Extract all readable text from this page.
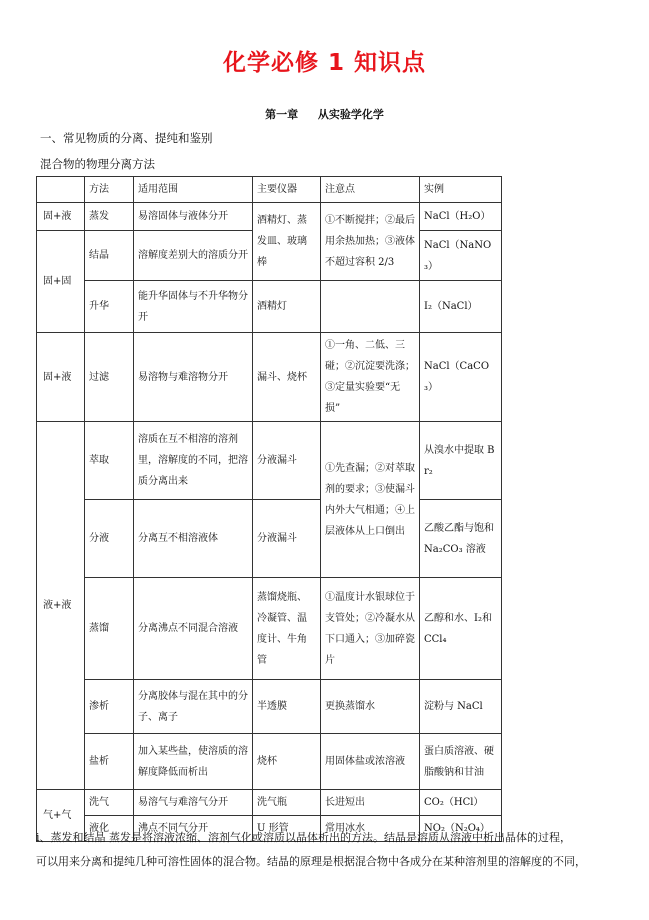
化学必修 1 知识点
第一章 从实验学化学
一、常见物质的分离、提纯和鉴别
混合物的物理分离方法
	方法	适用范围	主要仪器	注意点	实例
固+液	蒸发	易溶固体与液体分开	酒精灯、蒸发皿、玻璃棒	①不断搅拌；②最后用余热加热；③液体不超过容积 2/3	NaCl（H₂O）
固+固	结晶	溶解度差别大的溶质分开			NaCl（NaNO₃）
	升华	能升华固体与不升华物分开	酒精灯		I₂（NaCl）
固+液	过滤	易溶物与难溶物分开	漏斗、烧杯	①一角、二低、三碰；②沉淀要洗涤；③定量实验要“无损”	NaCl（CaCO₃）
液+液	萃取	溶质在互不相溶的溶剂里，溶解度的不同，把溶质分离出来	分液漏斗	①先查漏；②对萃取剂的要求；③使漏斗内外大气相通；④上层液体从上口倒出	从溴水中提取 Br₂
	分液	分离互不相溶液体	分液漏斗		乙酸乙酯与饱和 Na₂CO₃ 溶液
	蒸馏	分离沸点不同混合溶液	蒸馏烧瓶、冷凝管、温度计、牛角管	①温度计水银球位于支管处；②冷凝水从下口通入；③加碎瓷片	乙醇和水、I₂和 CCl₄
	渗析	分离胶体与混在其中的分子、离子	半透膜	更换蒸馏水	淀粉与 NaCl
	盐析	加入某些盐，使溶质的溶解度降低而析出	烧杯	用固体盐或浓溶液	蛋白质溶液、硬脂酸钠和甘油
气+气	洗气	易溶气与难溶气分开	洗气瓶	长进短出	CO₂（HCl）
	液化	沸点不同气分开	U 形管	常用冰水	NO₂（N₂O₄）
i、蒸发和结晶 蒸发是将溶液浓缩、溶剂气化或溶质以晶体析出的方法。结晶是溶质从溶液中析出晶体的过程，
可以用来分离和提纯几种可溶性固体的混合物。结晶的原理是根据混合物中各成分在某种溶剂里的溶解度的不同，
